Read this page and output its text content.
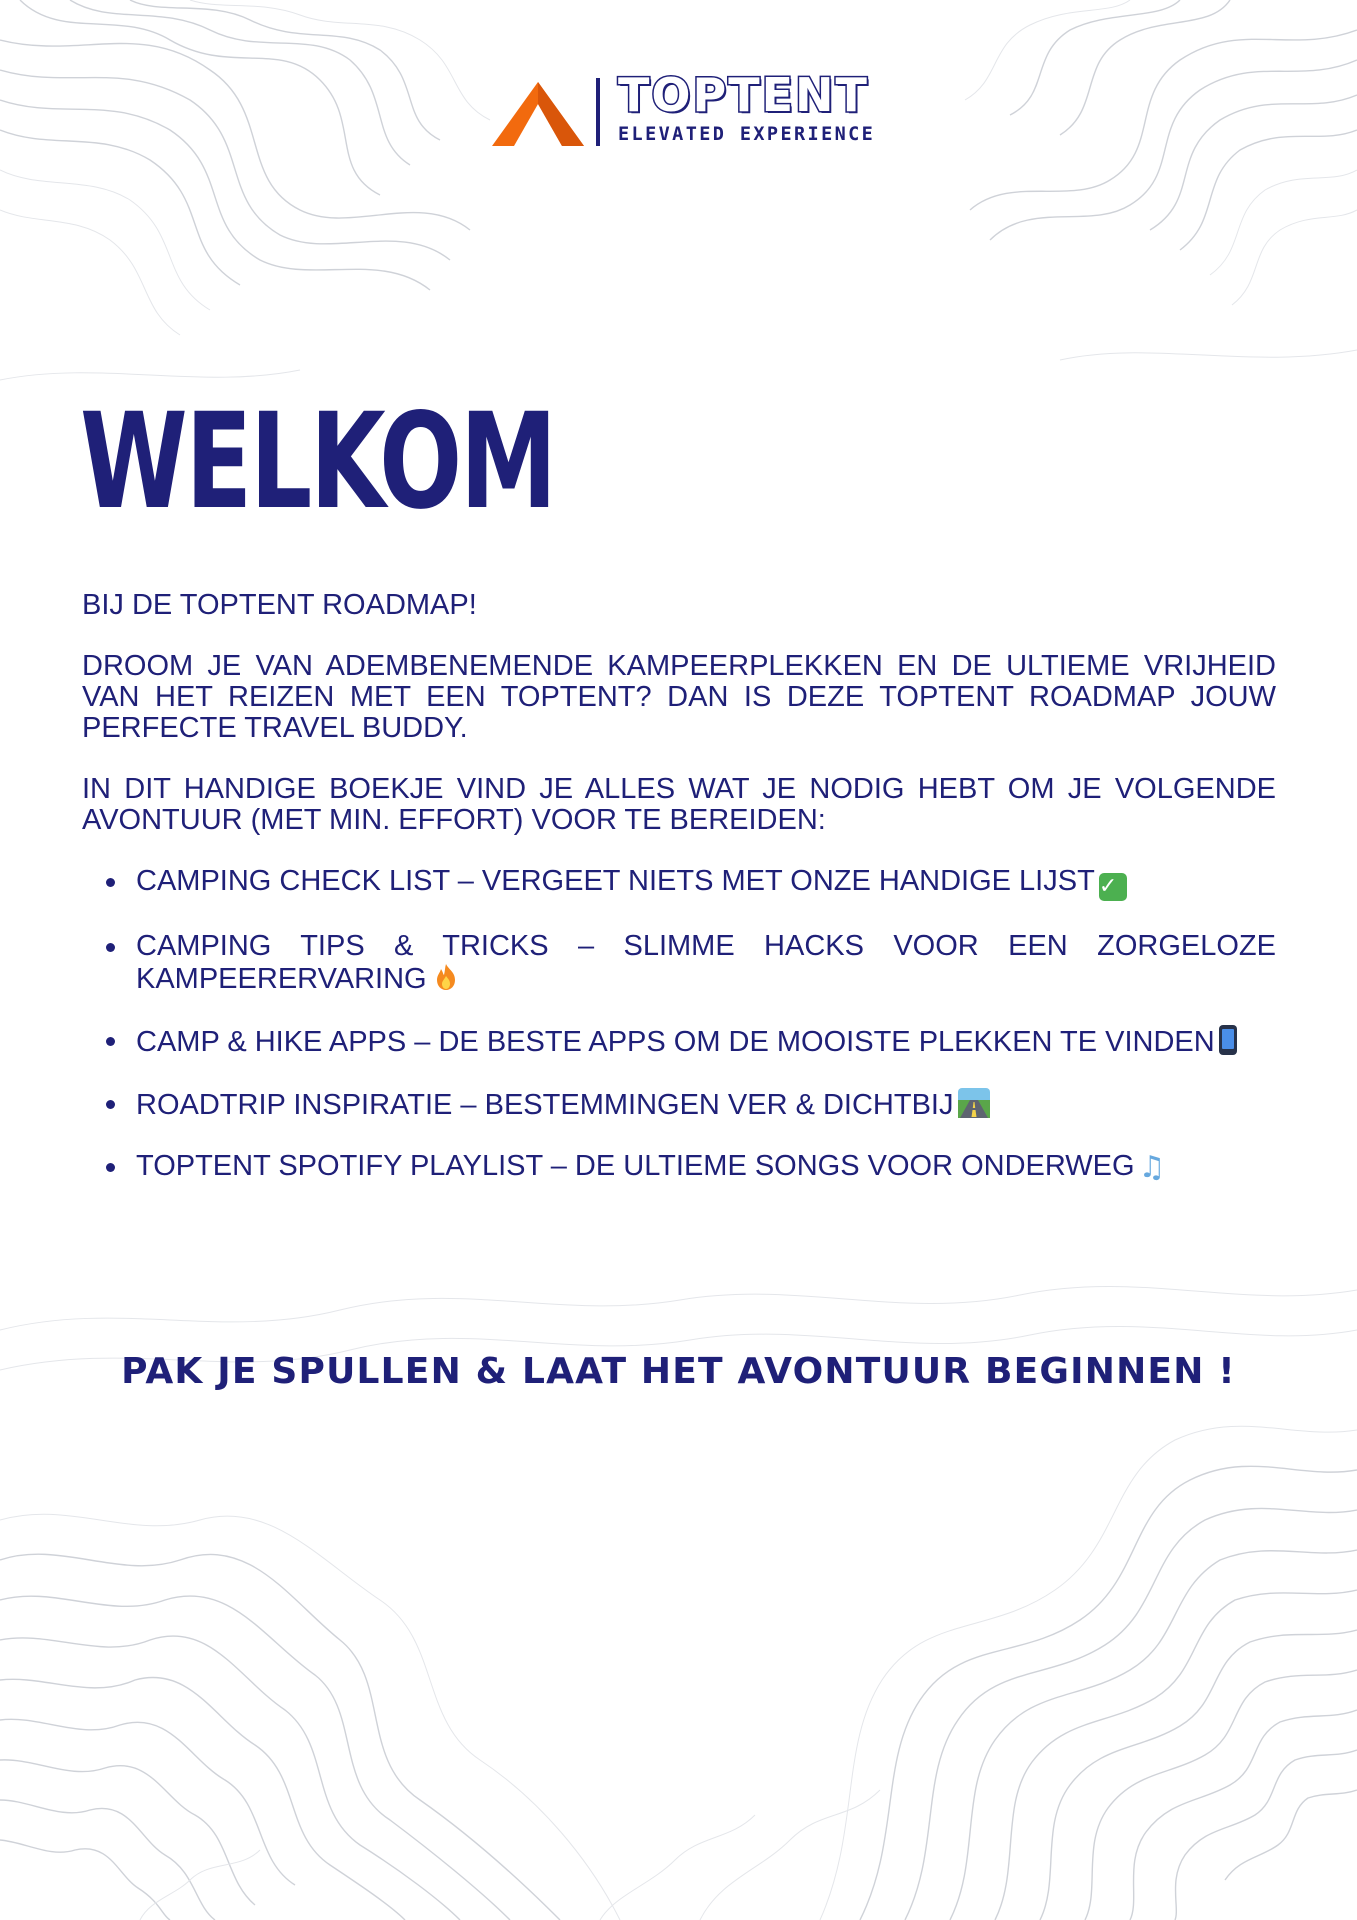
TOPTENT
ELEVATED EXPERIENCE
WELKOM

BIJ DE TOPTENT ROADMAP!

DROOM JE VAN ADEMBENEMENDE KAMPEERPLEKKEN EN DE ULTIEME VRIJHEID VAN HET REIZEN MET EEN TOPTENT? DAN IS DEZE TOPTENT ROADMAP JOUW PERFECTE TRAVEL BUDDY.

IN DIT HANDIGE BOEKJE VIND JE ALLES WAT JE NODIG HEBT OM JE VOLGENDE AVONTUUR (MET MIN. EFFORT) VOOR TE BEREIDEN:

CAMPING CHECK LIST – VERGEET NIETS MET ONZE HANDIGE LIJST ✓
CAMPING TIPS & TRICKS – SLIMME HACKS VOOR EEN ZORGELOZE KAMPEERERVARING
CAMP & HIKE APPS – DE BESTE APPS OM DE MOOISTE PLEKKEN TE VINDEN
ROADTRIP INSPIRATIE – BESTEMMINGEN VER & DICHTBIJ
TOPTENT SPOTIFY PLAYLIST – DE ULTIEME SONGS VOOR ONDERWEG ♫
PAK JE SPULLEN & LAAT HET AVONTUUR BEGINNEN !
